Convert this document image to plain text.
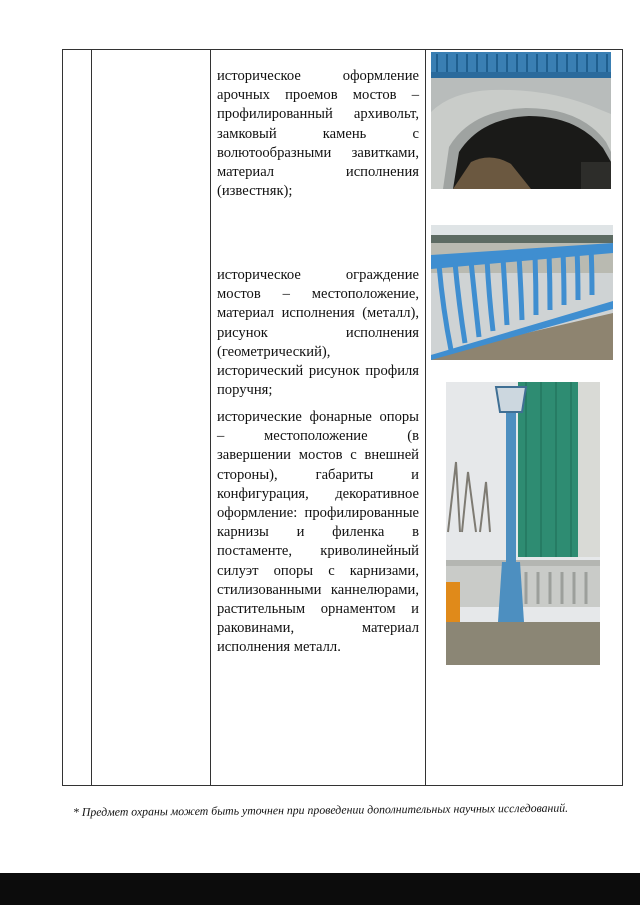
историческое оформление арочных проемов мостов – профилированный архивольт, замковый камень с волютообразными завитками, материал исполнения (известняк);
историческое ограждение мостов – местоположение, материал исполнения (металл), рисунок исполнения (геометрический), исторический рисунок профиля поручня;
исторические фонарные опоры – местоположение (в завершении мостов с внешней стороны), габариты и конфигурация, декоративное оформление: профилированные карнизы и филенка в постаменте, криволинейный силуэт опоры с карнизами, стилизованными каннелюрами, растительным орнаментом и раковинами, материал исполнения металл.

* Предмет охраны может быть уточнен при проведении дополнительных научных исследований.
